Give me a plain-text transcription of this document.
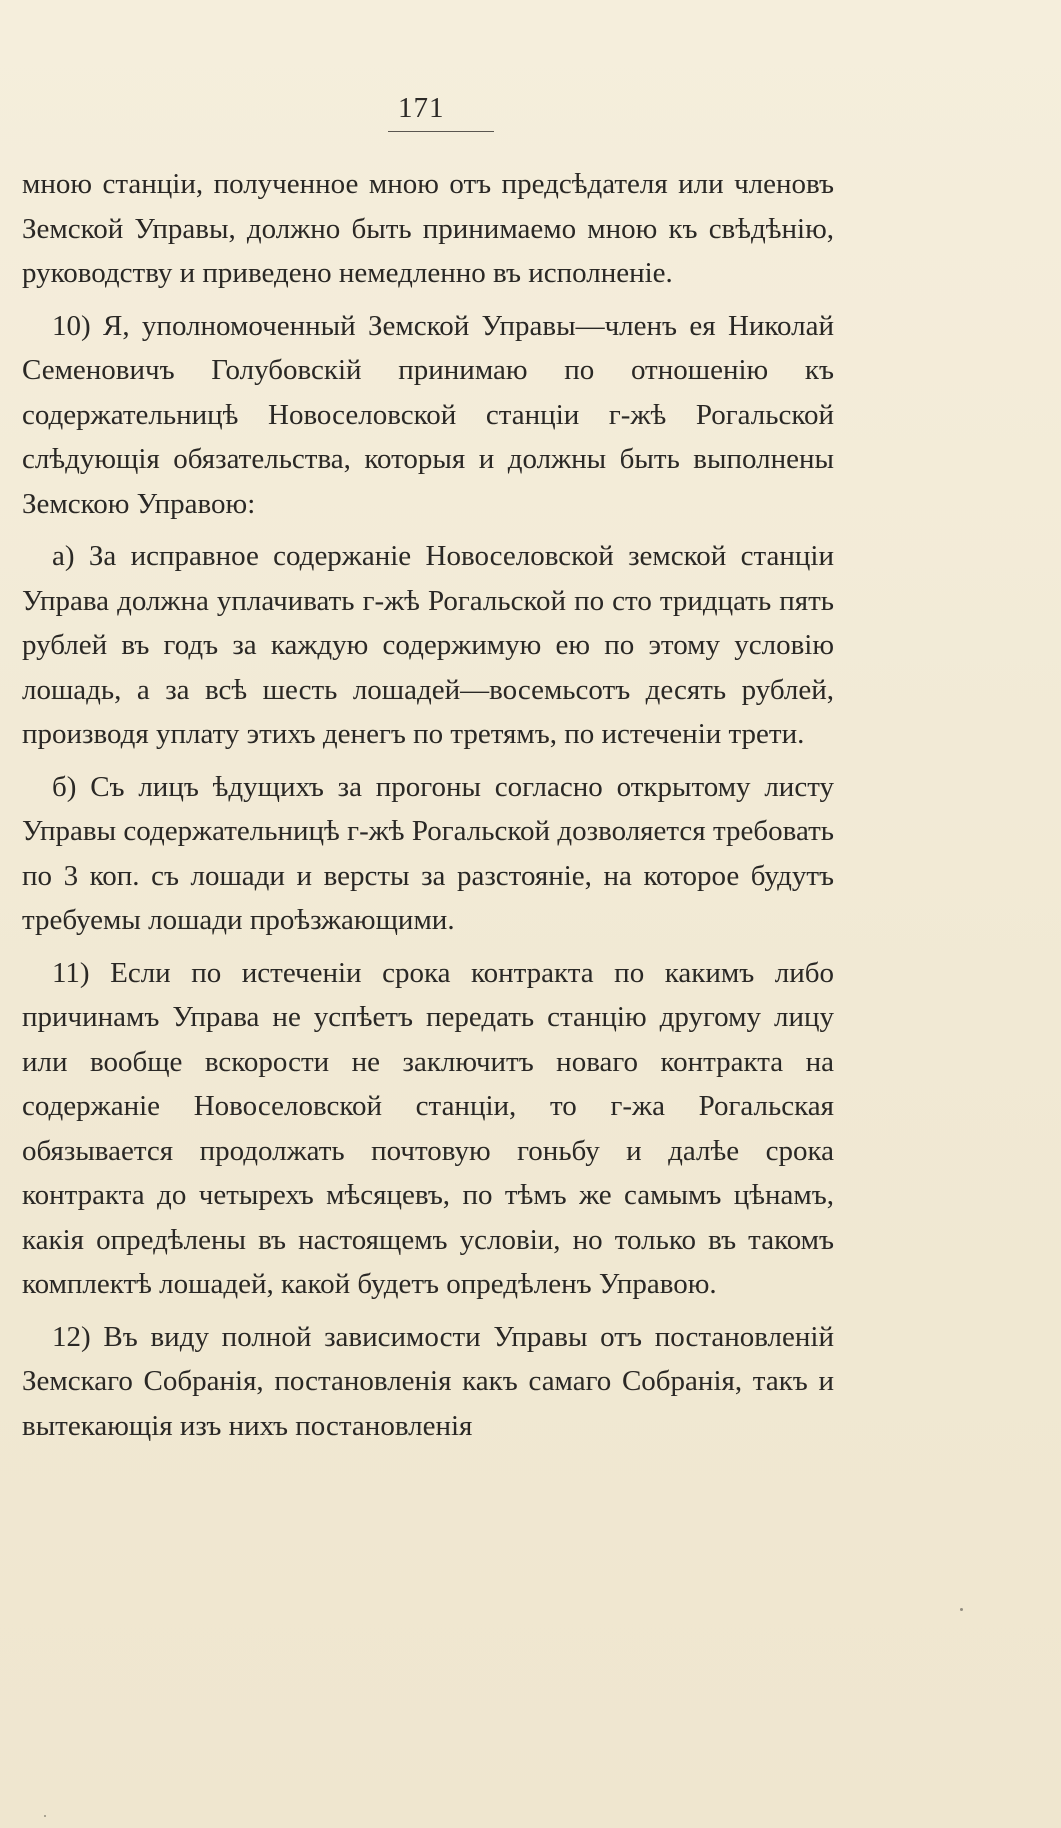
171

мною станціи, полученное мною отъ предсѣдателя или членовъ Земской Управы, должно быть принимаемо мною къ свѣдѣнію, руководству и приведено немедленно въ исполненіе.

10) Я, уполномоченный Земской Управы—членъ ея Николай Семеновичъ Голубовскій принимаю по отношенію къ содержательницѣ Новоселовской станціи г-жѣ Рогальской слѣдующія обязательства, которыя и должны быть выполнены Земскою Управою:

а) За исправное содержаніе Новоселовской земской станціи Управа должна уплачивать г-жѣ Рогальской по сто тридцать пять рублей въ годъ за каждую содержимую ею по этому условію лошадь, а за всѣ шесть лошадей—восемьсотъ десять рублей, производя уплату этихъ денегъ по третямъ, по истеченіи трети.

б) Съ лицъ ѣдущихъ за прогоны согласно открытому листу Управы содержательницѣ г-жѣ Рогальской дозволяется требовать по 3 коп. съ лошади и версты за разстояніе, на которое будутъ требуемы лошади проѣзжающими.

11) Если по истеченіи срока контракта по какимъ либо причинамъ Управа не успѣетъ передать станцію другому лицу или вообще вскорости не заключитъ новаго контракта на содержаніе Новоселовской станціи, то г-жа Рогальская обязывается продолжать почтовую гоньбу и далѣе срока контракта до четырехъ мѣсяцевъ, по тѣмъ же самымъ цѣнамъ, какія опредѣлены въ настоящемъ условіи, но только въ такомъ комплектѣ лошадей, какой будетъ опредѣленъ Управою.

12) Въ виду полной зависимости Управы отъ постановленій Земскаго Собранія, постановленія какъ самаго Собранія, такъ и вытекающія изъ нихъ постановленія
